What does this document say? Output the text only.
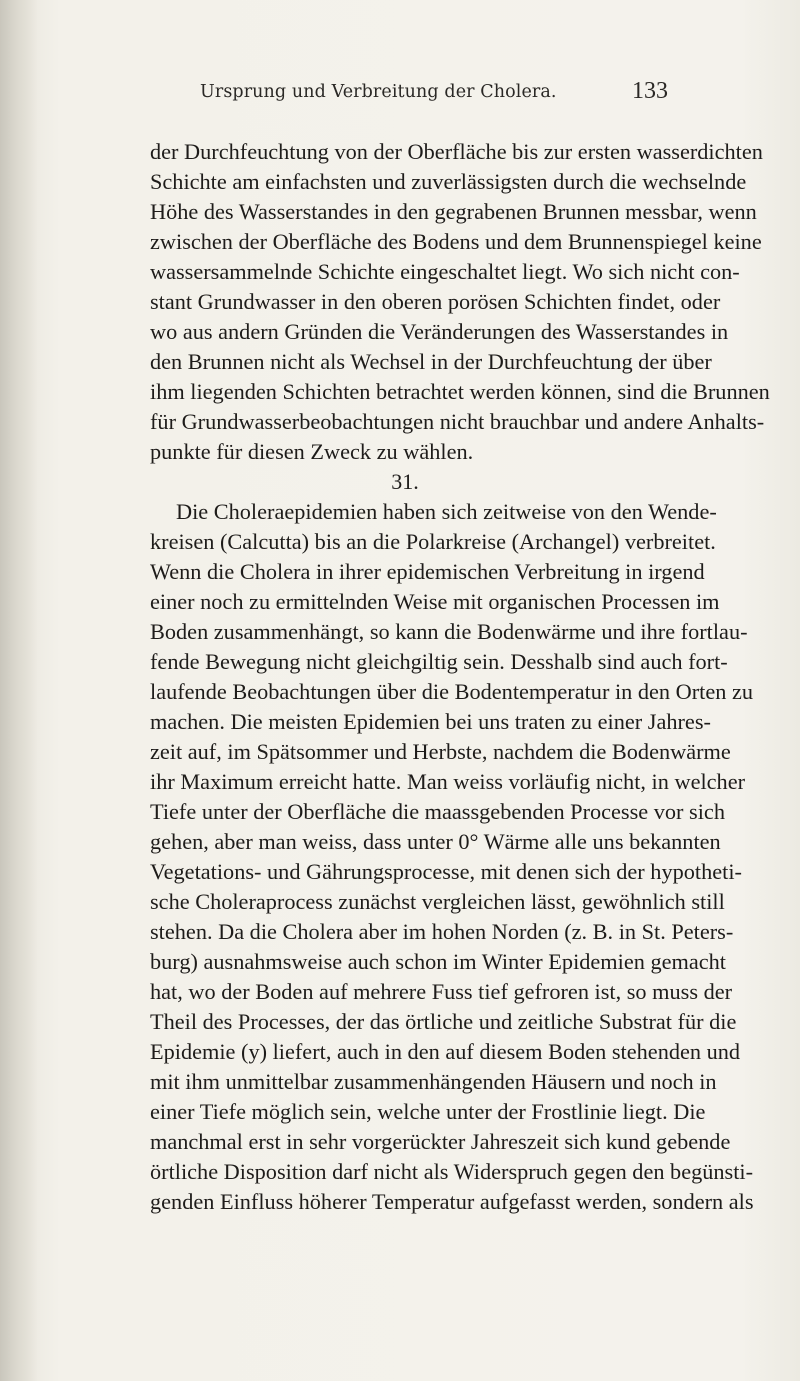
Ursprung und Verbreitung der Cholera.	133
der Durchfeuchtung von der Oberfläche bis zur ersten wasserdichten
Schichte am einfachsten und zuverlässigsten durch die wechselnde
Höhe des Wasserstandes in den gegrabenen Brunnen messbar, wenn
zwischen der Oberfläche des Bodens und dem Brunnenspiegel keine
wassersammelnde Schichte eingeschaltet liegt. Wo sich nicht con-
stant Grundwasser in den oberen porösen Schichten findet, oder
wo aus andern Gründen die Veränderungen des Wasserstandes in
den Brunnen nicht als Wechsel in der Durchfeuchtung der über
ihm liegenden Schichten betrachtet werden können, sind die Brunnen
für Grundwasserbeobachtungen nicht brauchbar und andere Anhalts-
punkte für diesen Zweck zu wählen.
31.
Die Choleraepidemien haben sich zeitweise von den Wende-
kreisen (Calcutta) bis an die Polarkreise (Archangel) verbreitet.
Wenn die Cholera in ihrer epidemischen Verbreitung in irgend
einer noch zu ermittelnden Weise mit organischen Processen im
Boden zusammenhängt, so kann die Bodenwärme und ihre fortlau-
fende Bewegung nicht gleichgiltig sein. Desshalb sind auch fort-
laufende Beobachtungen über die Bodentemperatur in den Orten zu
machen. Die meisten Epidemien bei uns traten zu einer Jahres-
zeit auf, im Spätsommer und Herbste, nachdem die Bodenwärme
ihr Maximum erreicht hatte. Man weiss vorläufig nicht, in welcher
Tiefe unter der Oberfläche die maassgebenden Processe vor sich
gehen, aber man weiss, dass unter 0° Wärme alle uns bekannten
Vegetations- und Gährungsprocesse, mit denen sich der hypotheti-
sche Choleraprocess zunächst vergleichen lässt, gewöhnlich still
stehen. Da die Cholera aber im hohen Norden (z. B. in St. Peters-
burg) ausnahmsweise auch schon im Winter Epidemien gemacht
hat, wo der Boden auf mehrere Fuss tief gefroren ist, so muss der
Theil des Processes, der das örtliche und zeitliche Substrat für die
Epidemie (y) liefert, auch in den auf diesem Boden stehenden und
mit ihm unmittelbar zusammenhängenden Häusern und noch in
einer Tiefe möglich sein, welche unter der Frostlinie liegt. Die
manchmal erst in sehr vorgerückter Jahreszeit sich kund gebende
örtliche Disposition darf nicht als Widerspruch gegen den begünsti-
genden Einfluss höherer Temperatur aufgefasst werden, sondern als
